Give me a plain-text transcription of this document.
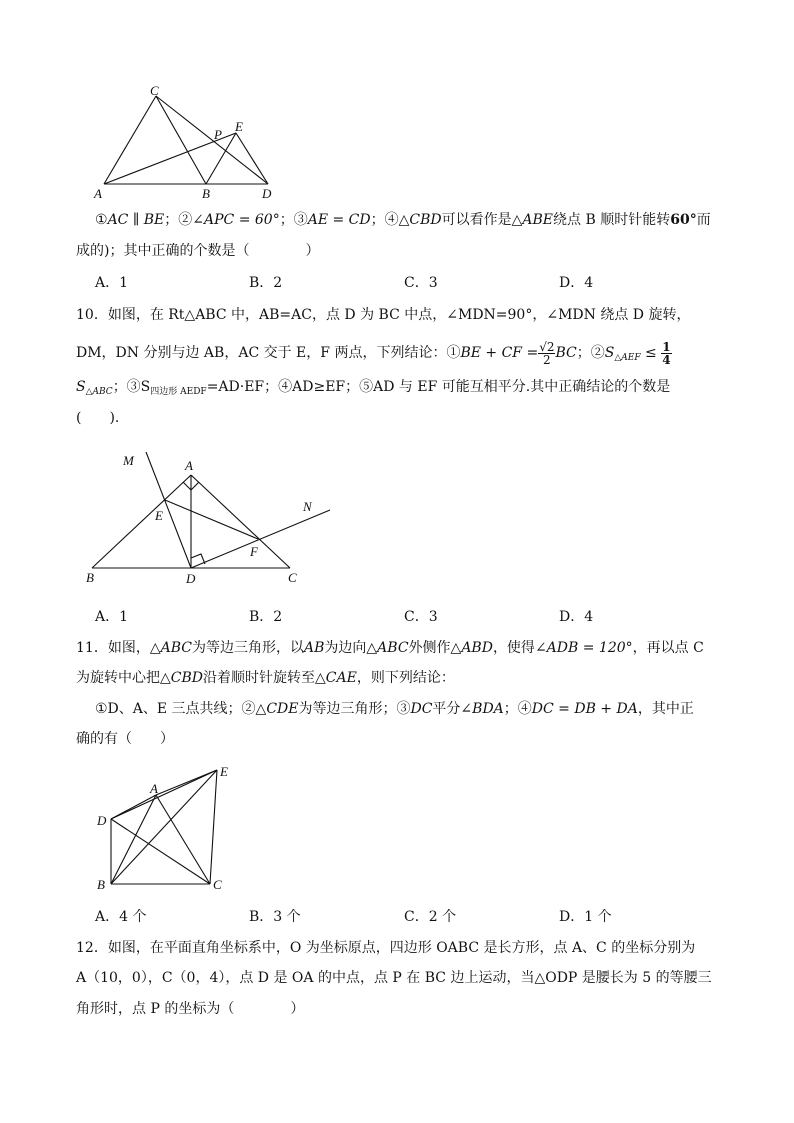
C
P
E
A	B	D
①AC ∥ BE；②∠APC = 60°；③AE = CD；④△CBD可以看作是△ABE绕点 B 顺时针能转60°而
成的)；其中正确的个数是（　　　　）
A．1	B．2	C．3	D．4
10．如图，在 Rt△ABC 中，AB=AC，点 D 为 BC 中点，∠MDN=90°，∠MDN 绕点 D 旋转，
DM，DN 分别与边 AB，AC 交于 E，F 两点，下列结论：①BE + CF = $\frac{√2}{2}$ BC；$②S_{\triangle AEF} \le \frac{1}{4}$
$S_{\triangle ABC}$；$③S_{四边形 AEDF}=AD\cdot EF$；④AD≥EF；⑤AD 与 EF 可能互相平分.其中正确结论的个数是
(　　).
M	A
N
E
F
B	D	C
A．1	B．2	C．3	D．4
11．如图，△ABC为等边三角形，以AB为边向△ABC外侧作△ABD，使得∠ADB = 120°，再以点 C
为旋转中心把△CBD沿着顺时针旋转至△CAE，则下列结论：
①D、A、E 三点共线；②△CDE为等边三角形；③DC平分∠BDA；④DC = DB + DA，其中正
确的有（　　）
A
E
D
B	C
A．4 个	B．3 个	C．2 个	D．1 个
12．如图，在平面直角坐标系中，O 为坐标原点，四边形 OABC 是长方形，点 A、C 的坐标分别为
A（10，0），C（0，4），点 D 是 OA 的中点，点 P 在 BC 边上运动，当△ODP 是腰长为 5 的等腰三
角形时，点 P 的坐标为（　　　　）
